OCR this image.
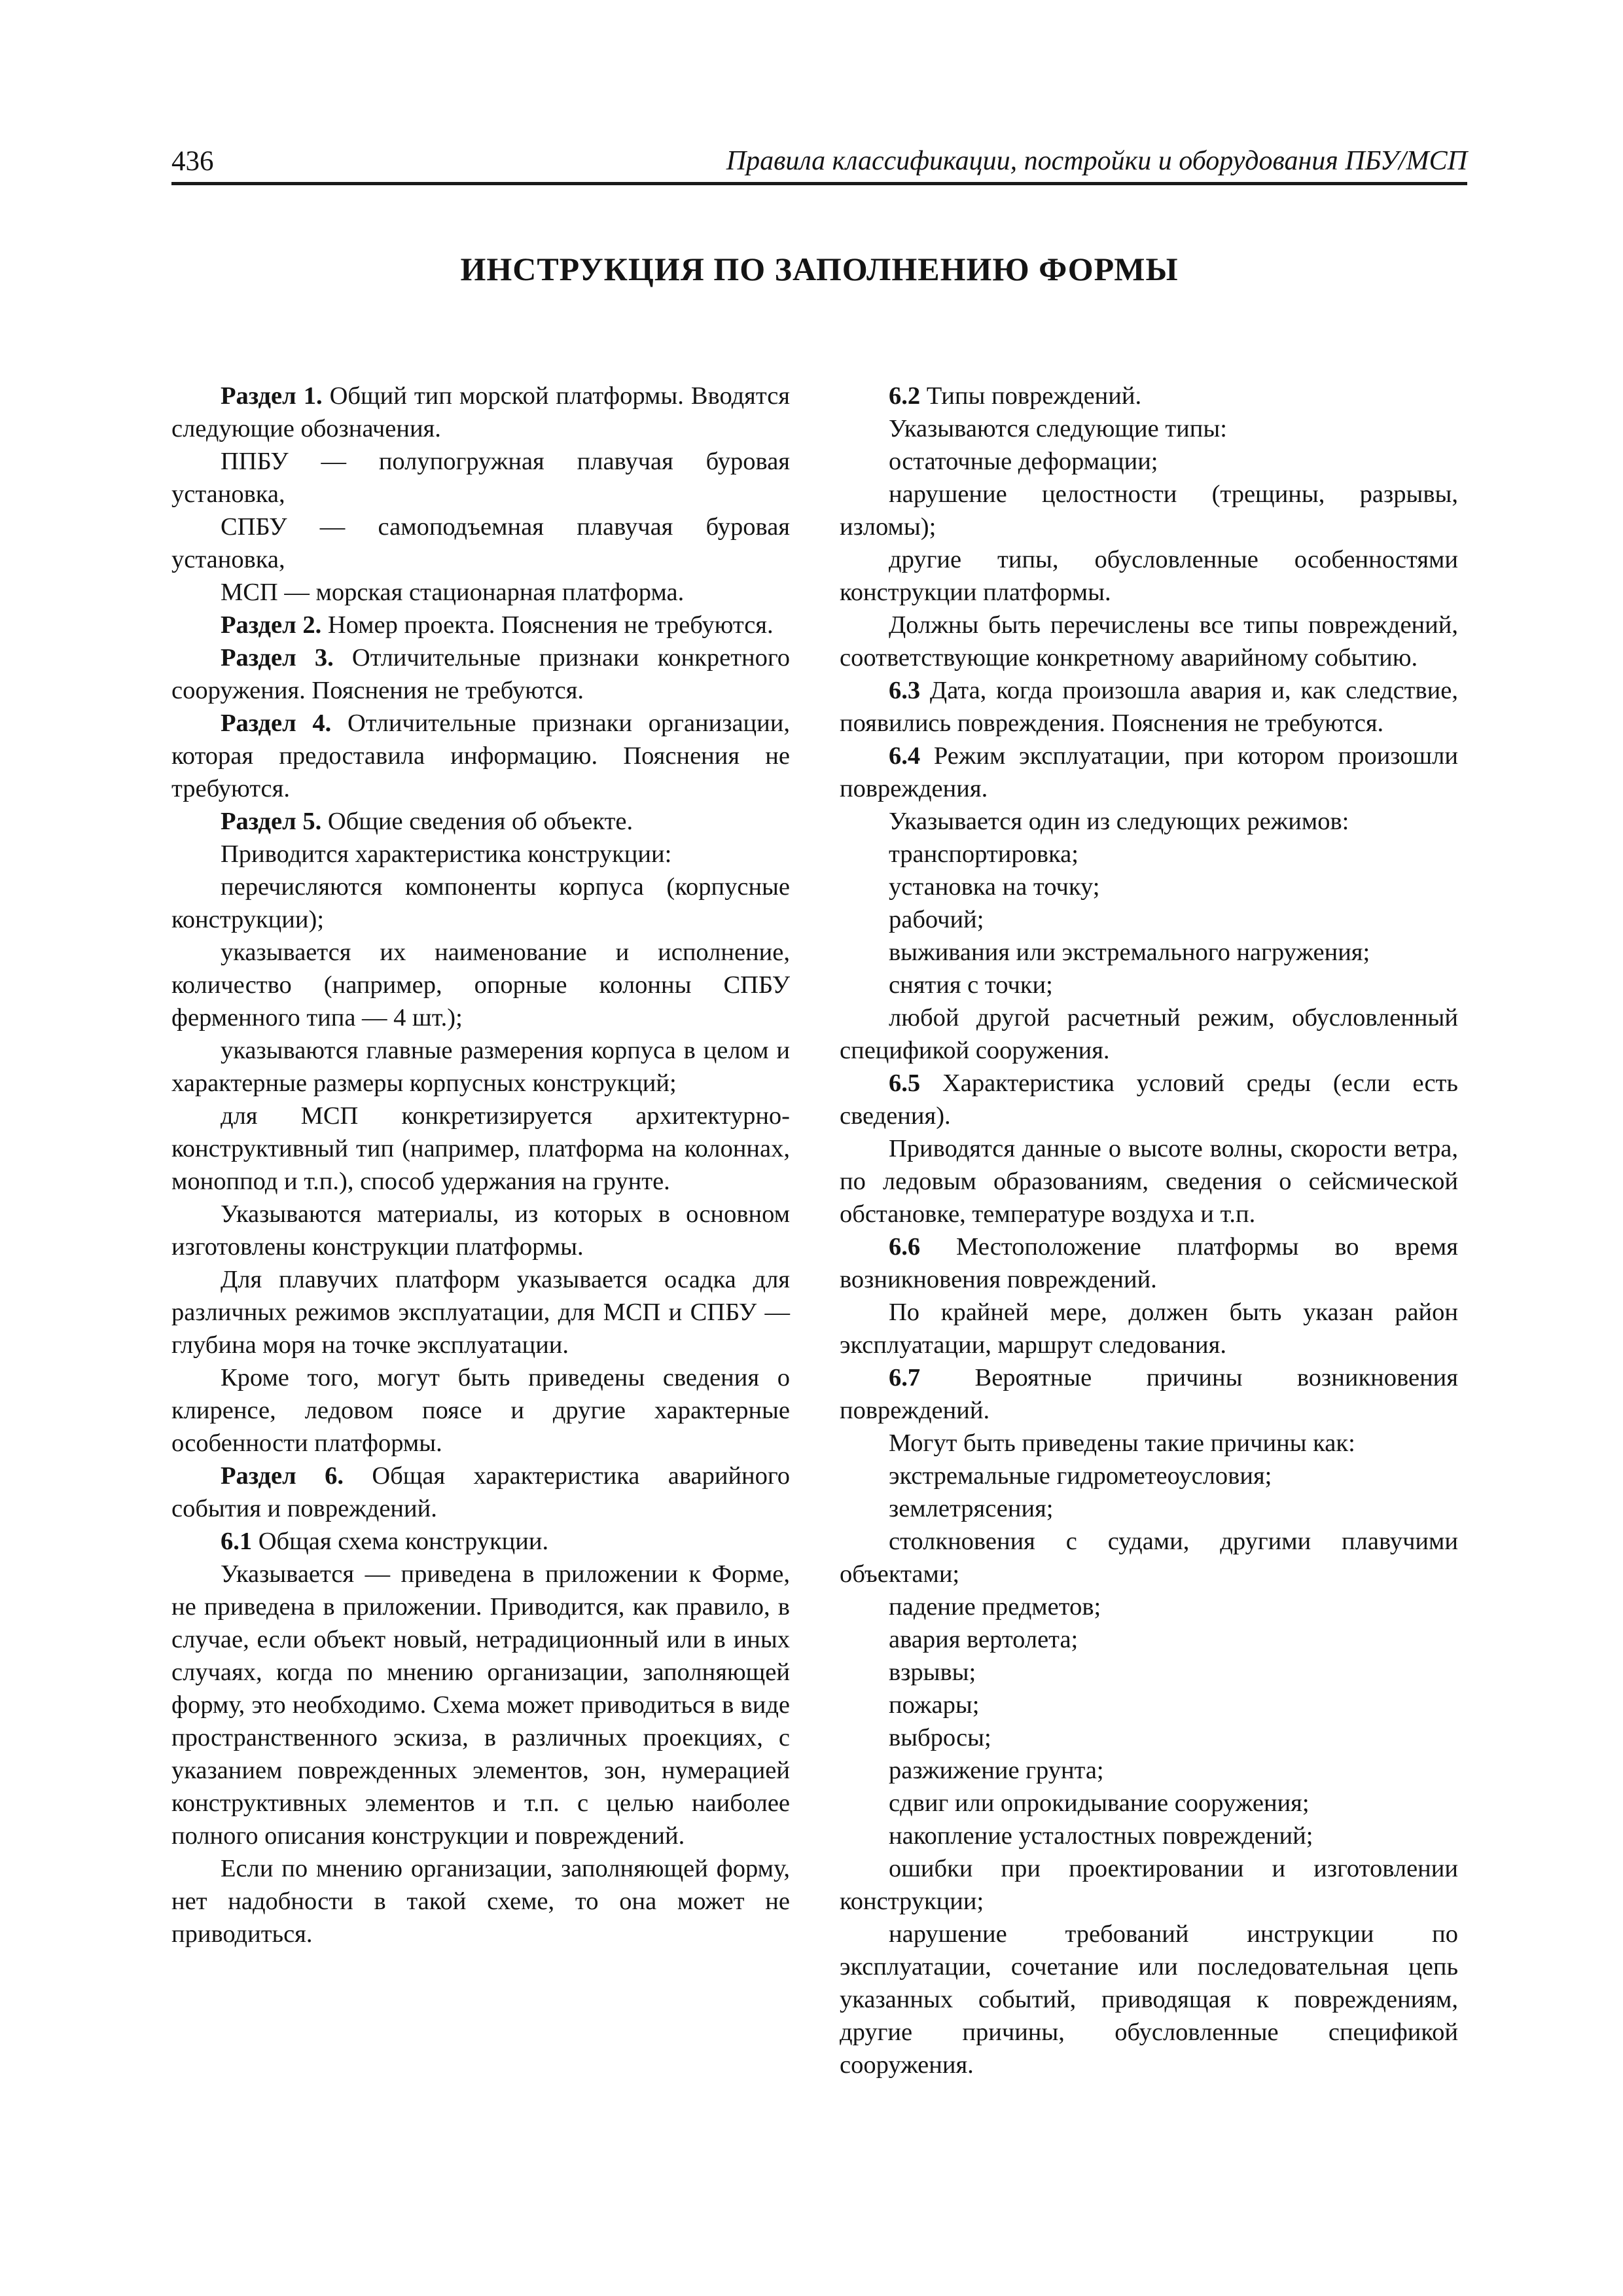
436	Правила классификации, постройки и оборудования ПБУ/МСП
ИНСТРУКЦИЯ ПО ЗАПОЛНЕНИЮ ФОРМЫ

Раздел 1. Общий тип морской платформы. Вводятся следующие обозначения.

ППБУ — полупогружная плавучая буровая установка,

СПБУ — самоподъемная плавучая буровая установка,

МСП — морская стационарная платформа.

Раздел 2. Номер проекта. Пояснения не требуются.

Раздел 3. Отличительные признаки конкретного сооружения. Пояснения не требуются.

Раздел 4. Отличительные признаки организации, которая предоставила информацию. Пояснения не требуются.

Раздел 5. Общие сведения об объекте.

Приводится характеристика конструкции:

перечисляются компоненты корпуса (корпусные конструкции);

указывается их наименование и исполнение, количество (например, опорные колонны СПБУ ферменного типа — 4 шт.);

указываются главные размерения корпуса в целом и характерные размеры корпусных конструкций;

для МСП конкретизируется архитектурно-конструктивный тип (например, платформа на колоннах, моноппод и т.п.), способ удержания на грунте.

Указываются материалы, из которых в основном изготовлены конструкции платформы.

Для плавучих платформ указывается осадка для различных режимов эксплуатации, для МСП и СПБУ — глубина моря на точке эксплуатации.

Кроме того, могут быть приведены сведения о клиренсе, ледовом поясе и другие характерные особенности платформы.

Раздел 6. Общая характеристика аварийного события и повреждений.

6.1 Общая схема конструкции.

Указывается — приведена в приложении к Форме, не приведена в приложении. Приводится, как правило, в случае, если объект новый, нетрадиционный или в иных случаях, когда по мнению организации, заполняющей форму, это необходимо. Схема может приводиться в виде пространственного эскиза, в различных проекциях, с указанием поврежденных элементов, зон, нумерацией конструктивных элементов и т.п. с целью наиболее полного описания конструкции и повреждений.

Если по мнению организации, заполняющей форму, нет надобности в такой схеме, то она может не приводиться.

6.2 Типы повреждений.

Указываются следующие типы:

остаточные деформации;

нарушение целостности (трещины, разрывы, изломы);

другие типы, обусловленные особенностями конструкции платформы.

Должны быть перечислены все типы повреждений, соответствующие конкретному аварийному событию.

6.3 Дата, когда произошла авария и, как следствие, появились повреждения. Пояснения не требуются.

6.4 Режим эксплуатации, при котором произошли повреждения.

Указывается один из следующих режимов:

транспортировка;

установка на точку;

рабочий;

выживания или экстремального нагружения;

снятия с точки;

любой другой расчетный режим, обусловленный спецификой сооружения.

6.5 Характеристика условий среды (если есть сведения).

Приводятся данные о высоте волны, скорости ветра, по ледовым образованиям, сведения о сейсмической обстановке, температуре воздуха и т.п.

6.6 Местоположение платформы во время возникновения повреждений.

По крайней мере, должен быть указан район эксплуатации, маршрут следования.

6.7 Вероятные причины возникновения повреждений.

Могут быть приведены такие причины как:

экстремальные гидрометеоусловия;

землетрясения;

столкновения с судами, другими плавучими объектами;

падение предметов;

авария вертолета;

взрывы;

пожары;

выбросы;

разжижение грунта;

сдвиг или опрокидывание сооружения;

накопление усталостных повреждений;

ошибки при проектировании и изготовлении конструкции;

нарушение требований инструкции по эксплуатации, сочетание или последовательная цепь указанных событий, приводящая к повреждениям, другие причины, обусловленные спецификой сооружения.
